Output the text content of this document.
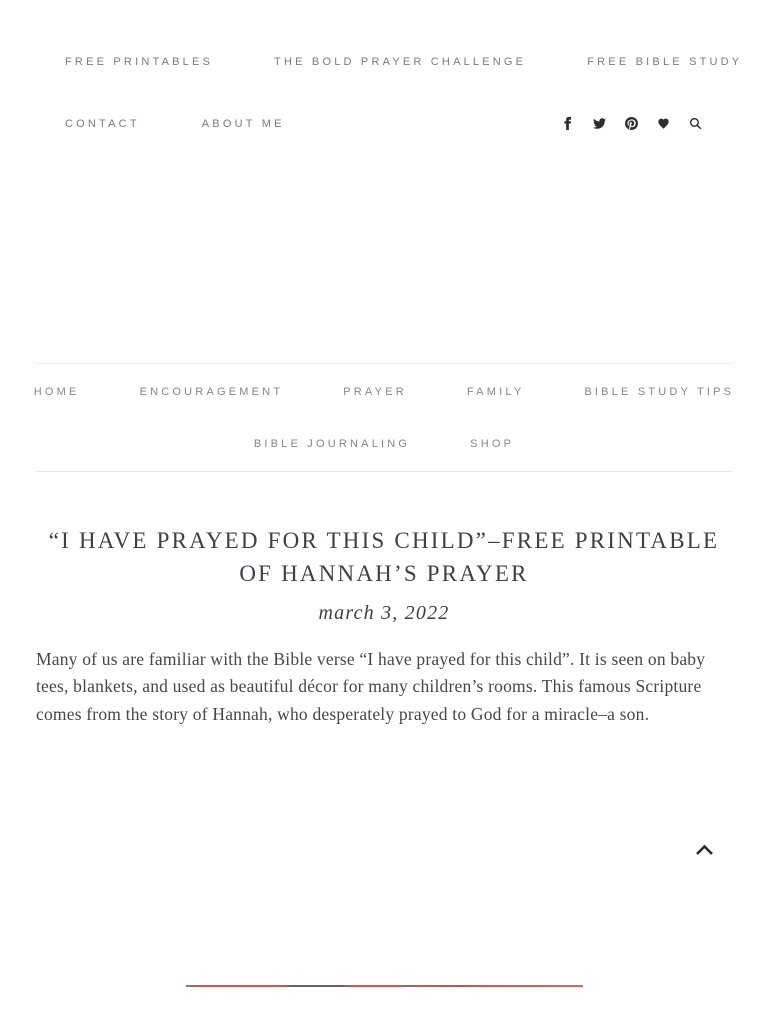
FREE PRINTABLES	THE BOLD PRAYER CHALLENGE	FREE BIBLE STUDY
CONTACT	ABOUT ME
HOME	ENCOURAGEMENT	PRAYER	FAMILY	BIBLE STUDY TIPS
BIBLE JOURNALING	SHOP
“I HAVE PRAYED FOR THIS CHILD”–FREE PRINTABLE OF HANNAH’S PRAYER
march 3, 2022

Many of us are familiar with the Bible verse “I have prayed for this child”. It is seen on baby tees, blankets, and used as beautiful décor for many children’s rooms. This famous Scripture comes from the story of Hannah, who desperately prayed to God for a miracle–a son.
